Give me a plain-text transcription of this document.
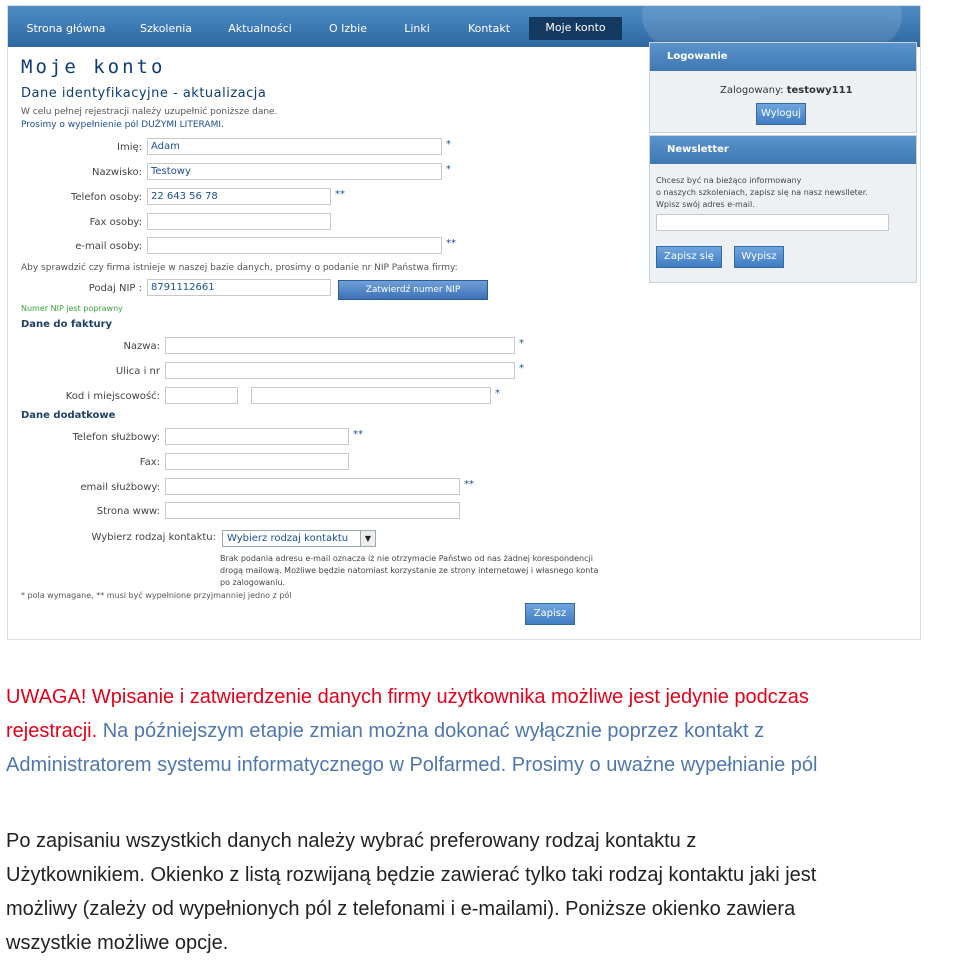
Strona główna	Szkolenia	Aktualności	O Izbie	Linki	Kontakt	Moje konto
Moje konto
Dane identyfikacyjne - aktualizacja
W celu pełnej rejestracji należy uzupełnić poniższe dane.
Prosimy o wypełnienie pól DUŻYMI LITERAMI.
Imię: Adam	*
Nazwisko: Testowy	*
Telefon osoby: 22 643 56 78	**
Fax osoby:
e-mail osoby:	**
Aby sprawdzić czy firma istnieje w naszej bazie danych, prosimy o podanie nr NIP Państwa firmy:
Podaj NIP : 8791112661	Zatwierdź numer NIP
Numer NIP jest poprawny
Dane do faktury
Nazwa:	*
Ulica i nr	*
Kod i miejscowość:	*
Dane dodatkowe
Telefon służbowy:	**
Fax:
email służbowy:	**
Strona www:
Wybierz rodzaj kontaktu:	Wybierz rodzaj kontaktu	▼
Brak podania adresu e-mail oznacza iż nie otrzymacie Państwo od nas żadnej korespondencji
drogą mailową. Możliwe będzie natomiast korzystanie ze strony internetowej i własnego konta
po zalogowaniu.
* pola wymagane, ** musi być wypełnione przyjmanniej jedno z pól
Zapisz
Logowanie
Zalogowany: testowy111
Wyloguj
Newsletter
Chcesz być na bieżąco informowany
o naszych szkoleniach, zapisz się na nasz newslleter.
Wpisz swój adres e-mail.
Zapisz się	Wypisz
UWAGA! Wpisanie i zatwierdzenie danych firmy użytkownika możliwe jest jedynie podczas
rejestracji. Na późniejszym etapie zmian można dokonać wyłącznie poprzez kontakt z
Administratorem systemu informatycznego w Polfarmed. Prosimy o uważne wypełnianie pól
Po zapisaniu wszystkich danych należy wybrać preferowany rodzaj kontaktu z
Użytkownikiem. Okienko z listą rozwijaną będzie zawierać tylko taki rodzaj kontaktu jaki jest
możliwy (zależy od wypełnionych pól z telefonami i e-mailami). Poniższe okienko zawiera
wszystkie możliwe opcje.
